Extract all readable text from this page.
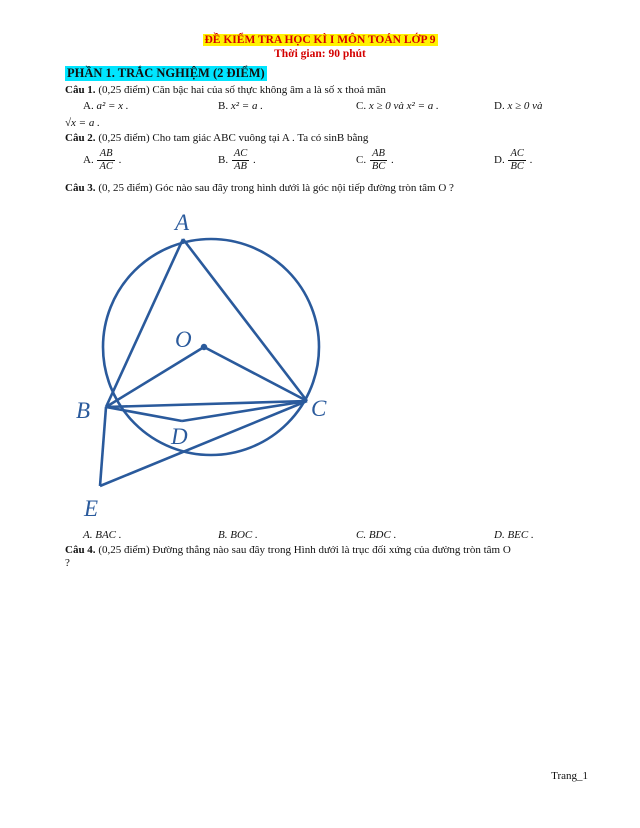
ĐỀ KIỂM TRA HỌC KÌ I MÔN TOÁN LỚP 9
Thời gian: 90 phút
PHẦN 1. TRẮC NGHIỆM (2 ĐIỂM)
Câu 1. (0,25 điểm) Căn bậc hai của số thực không âm a là số x thoả mãn
A. a² = x .	B. x² = a .	C. x ≥ 0 và x² = a .	D. x ≥ 0 và
√x = a .
Câu 2. (0,25 điểm) Cho tam giác ABC vuông tại A . Ta có sinB bằng
A. $\frac{AB}{AC}$ .	B. $\frac{AC}{AB}$ .	C. $\frac{AB}{BC}$ .	D. $\frac{AC}{BC}$ .
Câu 3. (0, 25 điểm) Góc nào sau đây trong hình dưới là góc nội tiếp đường tròn tâm O ?
A
O
B	C
D
E
A. BAC .	B. BOC .	C. BDC .	D. BEC .
Câu 4. (0,25 điểm) Đường thẳng nào sau đây trong Hình dưới là trục đối xứng của đường tròn tâm O
?
Trang_1
